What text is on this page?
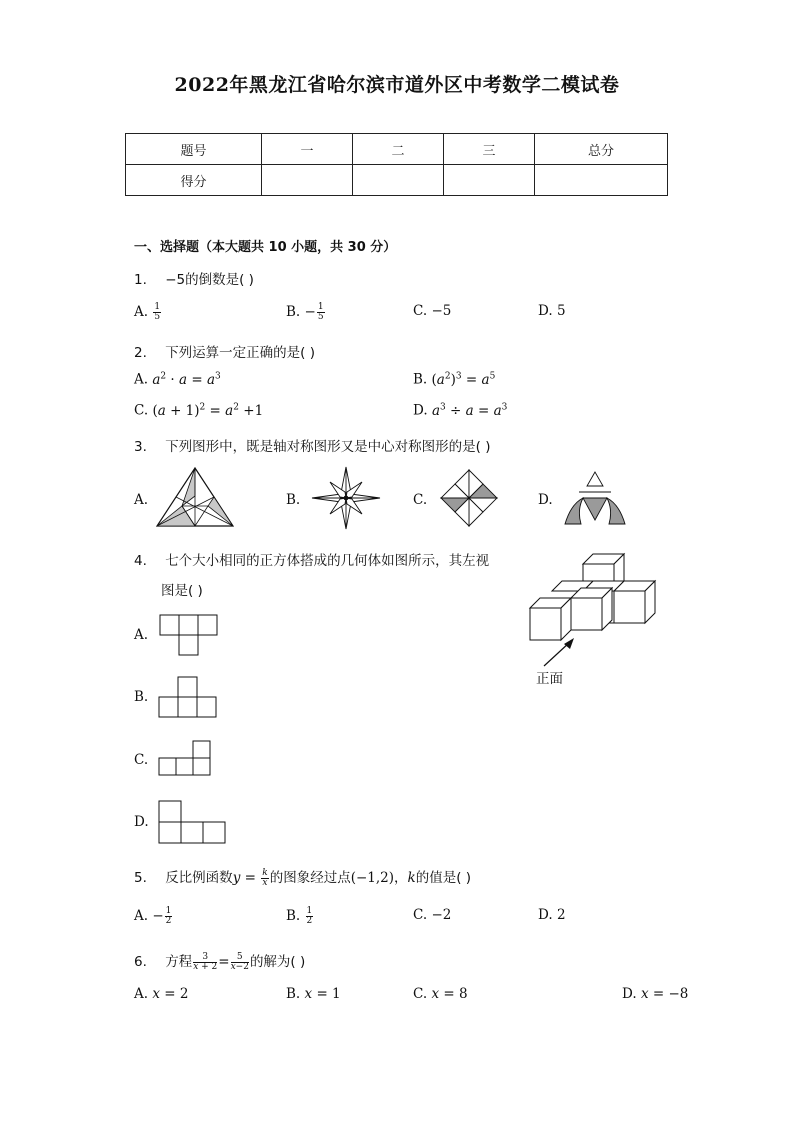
2022年黑龙江省哈尔滨市道外区中考数学二模试卷
题号	一	二	三	总分
得分				
一、选择题（本大题共 10 小题，共 30 分）
1. −5的倒数是( )
A. $\frac{1}{5}$	B. − $\frac{1}{5}$	C. −5	D. 5
2. 下列运算一定正确的是( )
A. $a^2 \cdot a = a^3$	B. $(a^2)^3 = a^5$
C. $(a + 1)^2 = a^2 +1$	D. $a^3 \div a = a^3$
3. 下列图形中，既是轴对称图形又是中心对称图形的是( )
A.	B.	C.	D.
4. 七个大小相同的正方体搭成的几何体如图所示，其左视
图是( )
正面
A.
B.
C.
D.
5. 反比例函数$y = \frac{k}{x}$ 的图象经过点(−1,2)，k的值是( )
A. − $\frac{1}{2}$	B. $\frac{1}{2}$	C. −2	D. 2
6. 方程 $\frac{3}{x + 2} = \frac{5}{x-2}$ 的解为( )
A. x = 2	B. x = 1	C. x = 8	D. x = −8
